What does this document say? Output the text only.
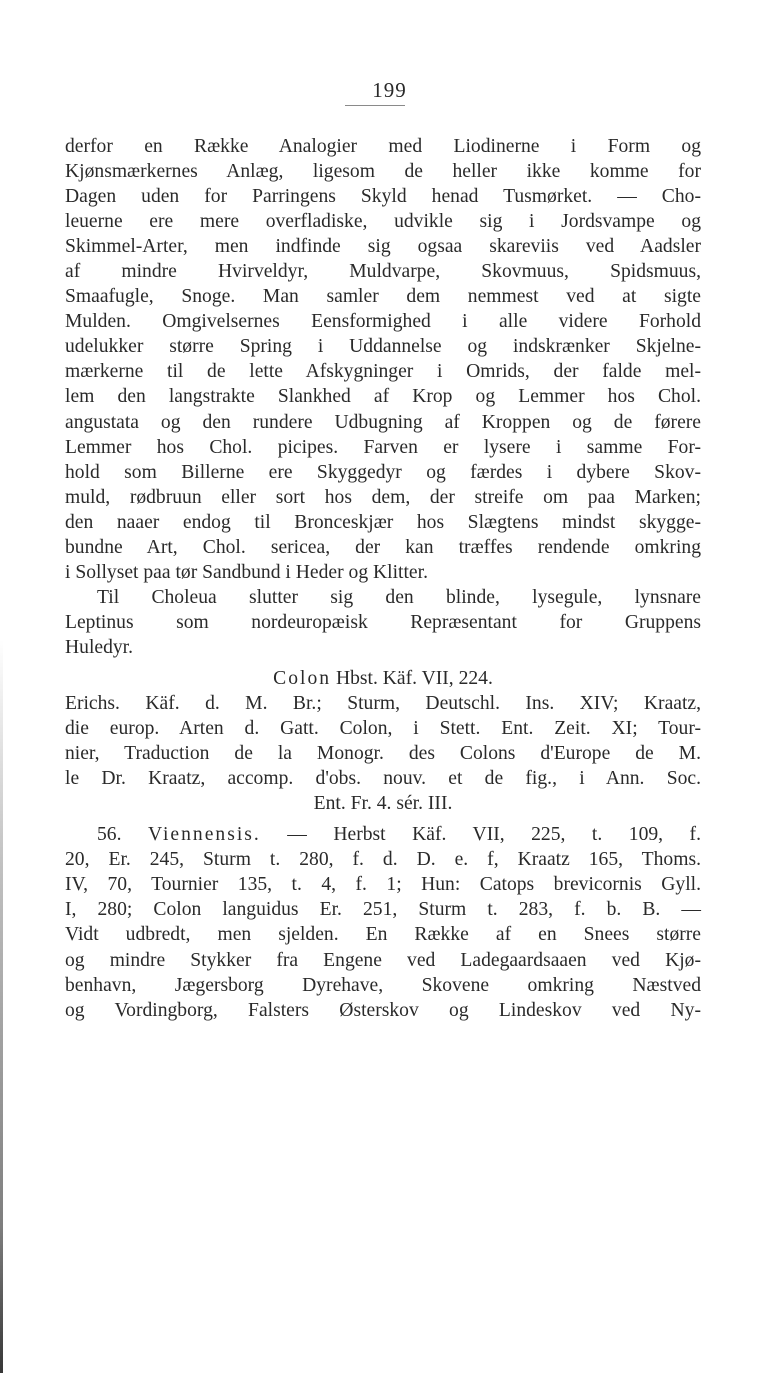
199
derfor en Række Analogier med Liodinerne i Form og
Kjønsmærkernes Anlæg, ligesom de heller ikke komme for
Dagen uden for Parringens Skyld henad Tusmørket. — Cho-
leuerne ere mere overfladiske, udvikle sig i Jordsvampe og
Skimmel-Arter, men indfinde sig ogsaa skareviis ved Aadsler
af mindre Hvirveldyr, Muldvarpe, Skovmuus, Spidsmuus,
Smaafugle, Snoge. Man samler dem nemmest ved at sigte
Mulden. Omgivelsernes Eensformighed i alle videre Forhold
udelukker større Spring i Uddannelse og indskrænker Skjelne-
mærkerne til de lette Afskygninger i Omrids, der falde mel-
lem den langstrakte Slankhed af Krop og Lemmer hos Chol.
angustata og den rundere Udbugning af Kroppen og de førere
Lemmer hos Chol. picipes. Farven er lysere i samme For-
hold som Billerne ere Skyggedyr og færdes i dybere Skov-
muld, rødbruun eller sort hos dem, der streife om paa Marken;
den naaer endog til Bronceskjær hos Slægtens mindst skygge-
bundne Art, Chol. sericea, der kan træffes rendende omkring
i Sollyset paa tør Sandbund i Heder og Klitter.
Til Choleua slutter sig den blinde, lysegule, lynsnare
Leptinus som nordeuropæisk Repræsentant for Gruppens
Huledyr.
Colon Hbst. Käf. VII, 224.
Erichs. Käf. d. M. Br.; Sturm, Deutschl. Ins. XIV; Kraatz,
die europ. Arten d. Gatt. Colon, i Stett. Ent. Zeit. XI; Tour-
nier, Traduction de la Monogr. des Colons d'Europe de M.
le Dr. Kraatz, accomp. d'obs. nouv. et de fig., i Ann. Soc.
Ent. Fr. 4. sér. III.
56. Viennensis. — Herbst Käf. VII, 225, t. 109, f.
20, Er. 245, Sturm t. 280, f. d. D. e. f, Kraatz 165, Thoms.
IV, 70, Tournier 135, t. 4, f. 1; Hun: Catops brevicornis Gyll.
I, 280; Colon languidus Er. 251, Sturm t. 283, f. b. B. —
Vidt udbredt, men sjelden. En Række af en Snees større
og mindre Stykker fra Engene ved Ladegaardsaaen ved Kjø-
benhavn, Jægersborg Dyrehave, Skovene omkring Næstved
og Vordingborg, Falsters Østerskov og Lindeskov ved Ny-
